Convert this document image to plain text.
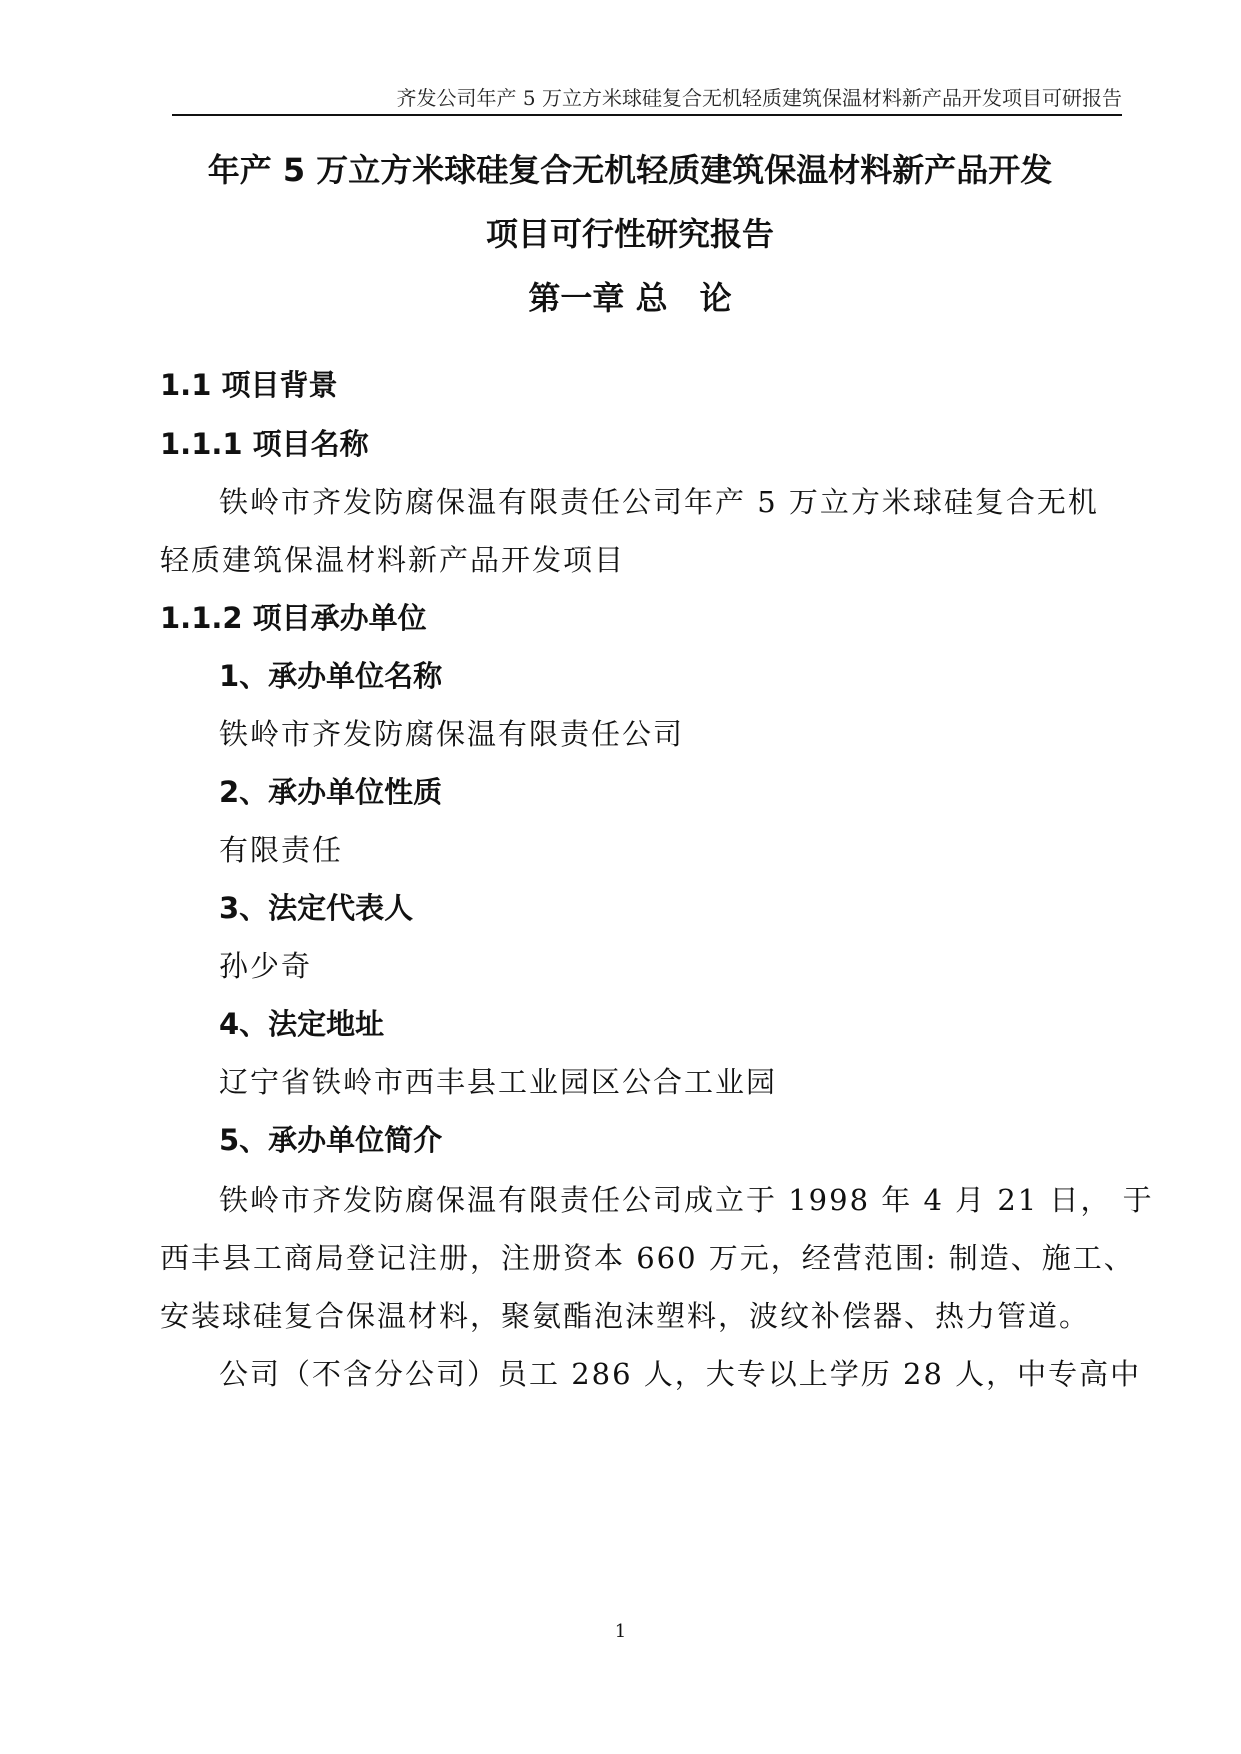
齐发公司年产 5 万立方米球硅复合无机轻质建筑保温材料新产品开发项目可研报告
年产 5 万立方米球硅复合无机轻质建筑保温材料新产品开发
项目可行性研究报告
第一章 总　论
1.1 项目背景
1.1.1 项目名称
铁岭市齐发防腐保温有限责任公司年产 5 万立方米球硅复合无机
轻质建筑保温材料新产品开发项目
1.1.2 项目承办单位
1、承办单位名称
铁岭市齐发防腐保温有限责任公司
2、承办单位性质
有限责任
3、法定代表人
孙少奇
4、法定地址
辽宁省铁岭市西丰县工业园区公合工业园
5、承办单位简介
铁岭市齐发防腐保温有限责任公司成立于 1998 年 4 月 21 日， 于
西丰县工商局登记注册，注册资本 660 万元，经营范围: 制造、施工、
安装球硅复合保温材料，聚氨酯泡沫塑料，波纹补偿器、热力管道。
公司（不含分公司）员工 286 人，大专以上学历 28 人，中专高中
1
